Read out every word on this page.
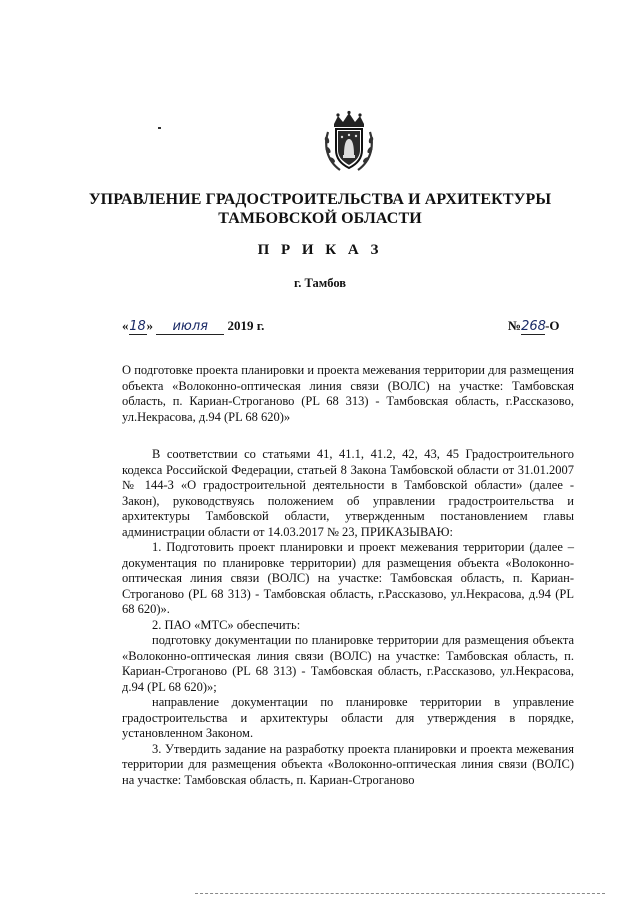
УПРАВЛЕНИЕ ГРАДОСТРОИТЕЛЬСТВА И АРХИТЕКТУРЫ
ТАМБОВСКОЙ ОБЛАСТИ
П Р И К А З
г. Тамбов
«18» июля 2019 г.	№268-О

О подготовке проекта планировки и проекта межевания территории для размещения объекта «Волоконно-оптическая линия связи (ВОЛС) на участке: Тамбовская область, п. Кариан-Строганово (PL 68 313) - Тамбовская область, г.Рассказово, ул.Некрасова, д.94 (PL 68 620)»

В соответствии со статьями 41, 41.1, 41.2, 42, 43, 45 Градостроительного кодекса Российской Федерации, статьей 8 Закона Тамбовской области от 31.01.2007 № 144-З «О градостроительной деятельности в Тамбовской области» (далее - Закон), руководствуясь положением об управлении градостроительства и архитектуры Тамбовской области, утвержденным постановлением главы администрации области от 14.03.2017 № 23, ПРИКАЗЫВАЮ:

1. Подготовить проект планировки и проект межевания территории (далее – документация по планировке территории) для размещения объекта «Волоконно-оптическая линия связи (ВОЛС) на участке: Тамбовская область, п. Кариан-Строганово (PL 68 313) - Тамбовская область, г.Рассказово, ул.Некрасова, д.94 (PL 68 620)».

2. ПАО «МТС» обеспечить:

подготовку документации по планировке территории для размещения объекта «Волоконно-оптическая линия связи (ВОЛС) на участке: Тамбовская область, п. Кариан-Строганово (PL 68 313) - Тамбовская область, г.Рассказово, ул.Некрасова, д.94 (PL 68 620)»;

направление документации по планировке территории в управление градостроительства и архитектуры области для утверждения в порядке, установленном Законом.

3. Утвердить задание на разработку проекта планировки и проекта межевания территории для размещения объекта «Волоконно-оптическая линия связи (ВОЛС) на участке: Тамбовская область, п. Кариан-Строганово
